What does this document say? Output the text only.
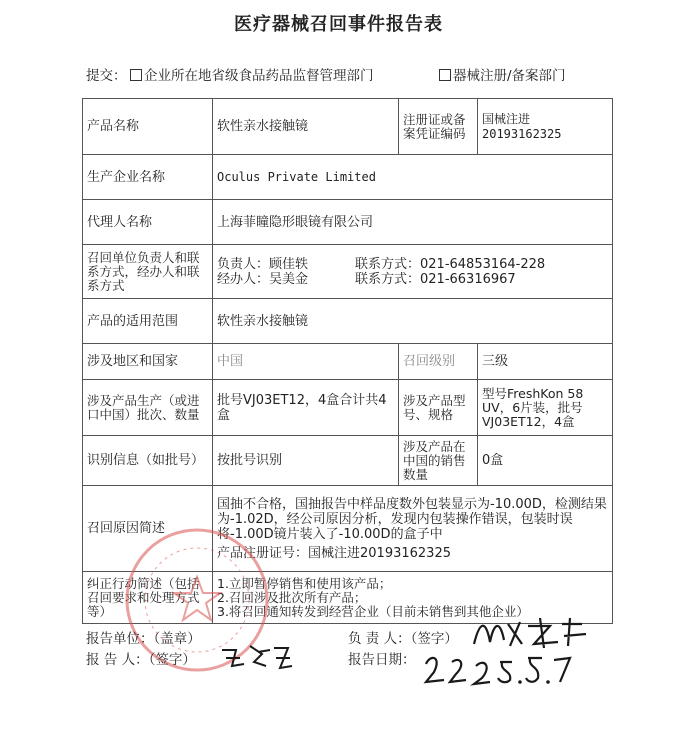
医疗器械召回事件报告表
提交：	企业所在地省级食品药品监督管理部门	器械注册/备案部门
产品名称	软性亲水接触镜	注册证或备案凭证编码	国械注进 20193162325
生产企业名称	Oculus Private Limited		
代理人名称	上海菲瞳隐形眼镜有限公司		
召回单位负责人和联系方式，经办人和联系方式	负责人：顾佳轶 联系方式：021-64853164-228
经办人：吴美金 联系方式：021-66316967		

产品的适用范围	软性亲水接触镜		
涉及地区和国家	中国	召回级别	三级
涉及产品生产（或进口中国）批次、数量	批号VJ03ET12，4盒合计共4盒	涉及产品型号、规格	型号FreshKon 58 UV，6片装，批号VJ03ET12，4盒
识别信息（如批号）	按批号识别	涉及产品在中国的销售数量	0盒
召回原因简述	国抽不合格，国抽报告中样品度数外包装显示为-10.00D，检测结果为-1.02D，经公司原因分析，发现内包装操作错误，包装时误将-1.00D镜片装入了-10.00D的盒子中
产品注册证号：国械注进20193162325		

纠正行动简述（包括召回要求和处理方式等）	1.立即暂停销售和使用该产品；
2.召回涉及批次所有产品；
3.将召回通知转发到经营企业（目前未销售到其他企业）		
报告单位：（盖章）
报 告 人：（签字）
负 责 人：（签字）
报告日期：
